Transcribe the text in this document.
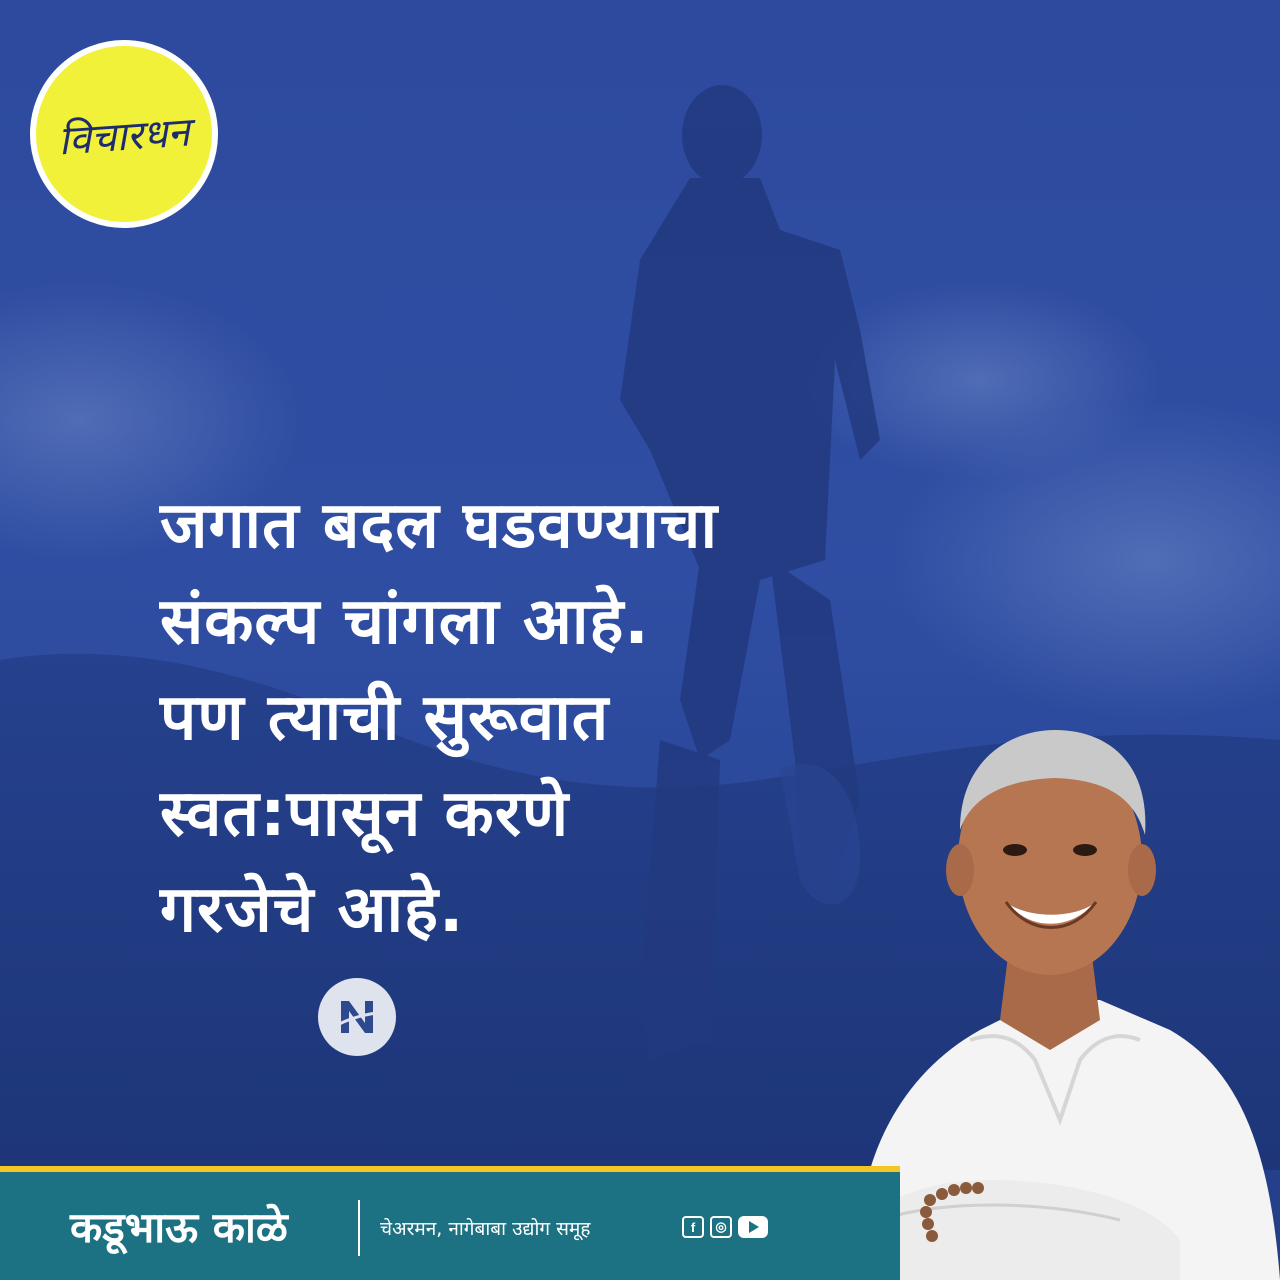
विचारधन
जगात बदल घडवण्याचा
संकल्प चांगला आहे.
पण त्याची सुरूवात
स्वत:पासून करणे
गरजेचे आहे.
कडूभाऊ काळे	चेअरमन, नागेबाबा उद्योग समूह	f	◎
